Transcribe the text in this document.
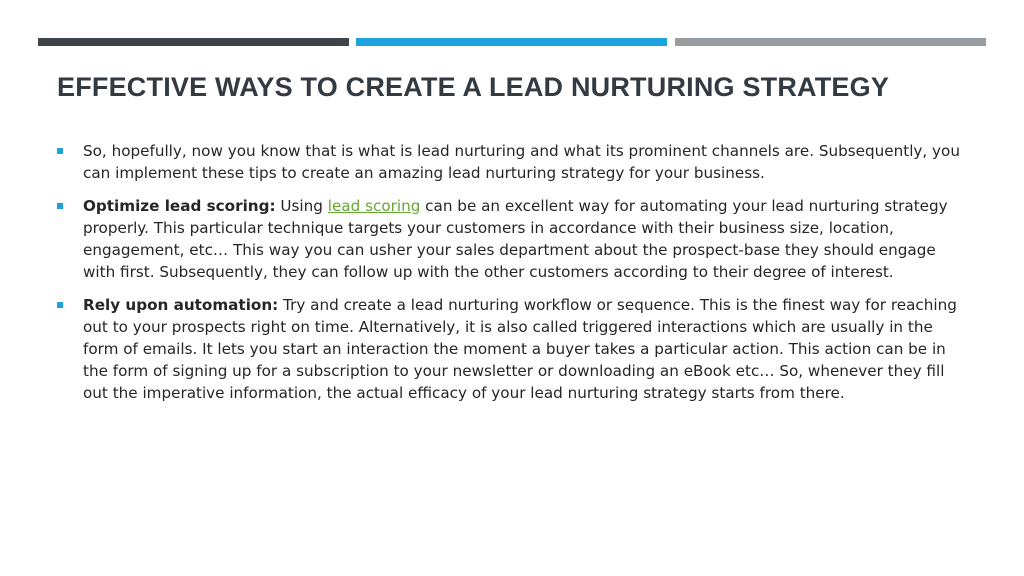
EFFECTIVE WAYS TO CREATE A LEAD NURTURING STRATEGY
So, hopefully, now you know that is what is lead nurturing and what its prominent channels are. Subsequently, you can implement these tips to create an amazing lead nurturing strategy for your business.
Optimize lead scoring: Using lead scoring can be an excellent way for automating your lead nurturing strategy properly. This particular technique targets your customers in accordance with their business size, location, engagement, etc… This way you can usher your sales department about the prospect-base they should engage with first. Subsequently, they can follow up with the other customers according to their degree of interest.
Rely upon automation: Try and create a lead nurturing workflow or sequence. This is the finest way for reaching out to your prospects right on time. Alternatively, it is also called triggered interactions which are usually in the form of emails. It lets you start an interaction the moment a buyer takes a particular action. This action can be in the form of signing up for a subscription to your newsletter or downloading an eBook etc… So, whenever they fill out the imperative information, the actual efficacy of your lead nurturing strategy starts from there.
